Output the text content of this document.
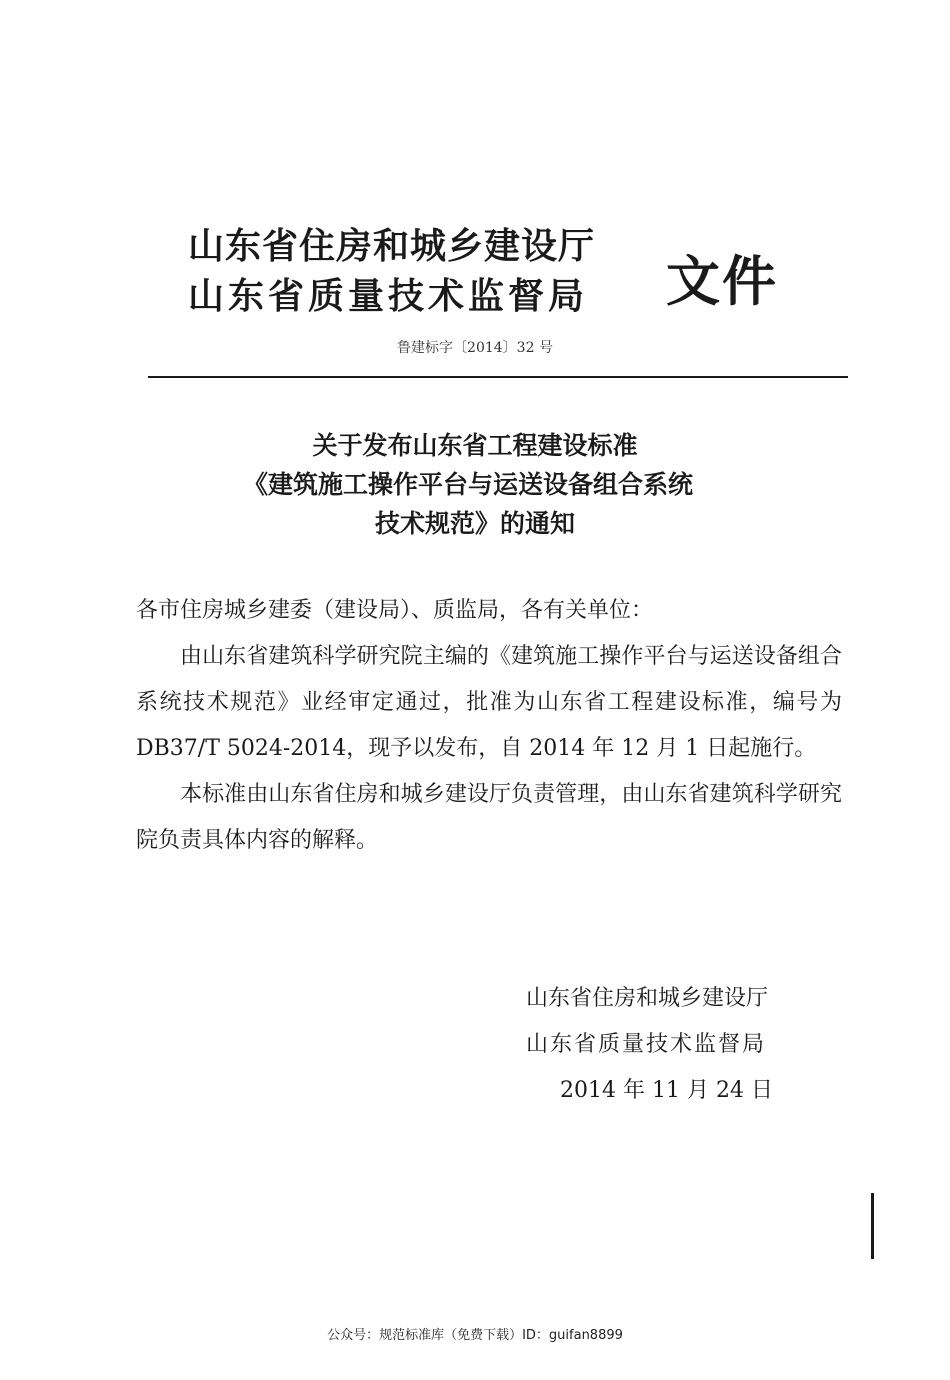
山东省住房和城乡建设厅
山东省质量技术监督局	文件
鲁建标字〔2014〕32 号
关于发布山东省工程建设标准
《建筑施工操作平台与运送设备组合系统
技术规范》的通知
各市住房城乡建委（建设局）、质监局，各有关单位：

由山东省建筑科学研究院主编的《建筑施工操作平台与运送设备组合系统技术规范》业经审定通过，批准为山东省工程建设标准，编号为 DB37/T 5024-2014，现予以发布，自 2014 年 12 月 1 日起施行。

本标准由山东省住房和城乡建设厅负责管理，由山东省建筑科学研究院负责具体内容的解释。

山东省住房和城乡建设厅
山东省质量技术监督局
2014 年 11 月 24 日
公众号：规范标准库（免费下载）ID：guifan8899
